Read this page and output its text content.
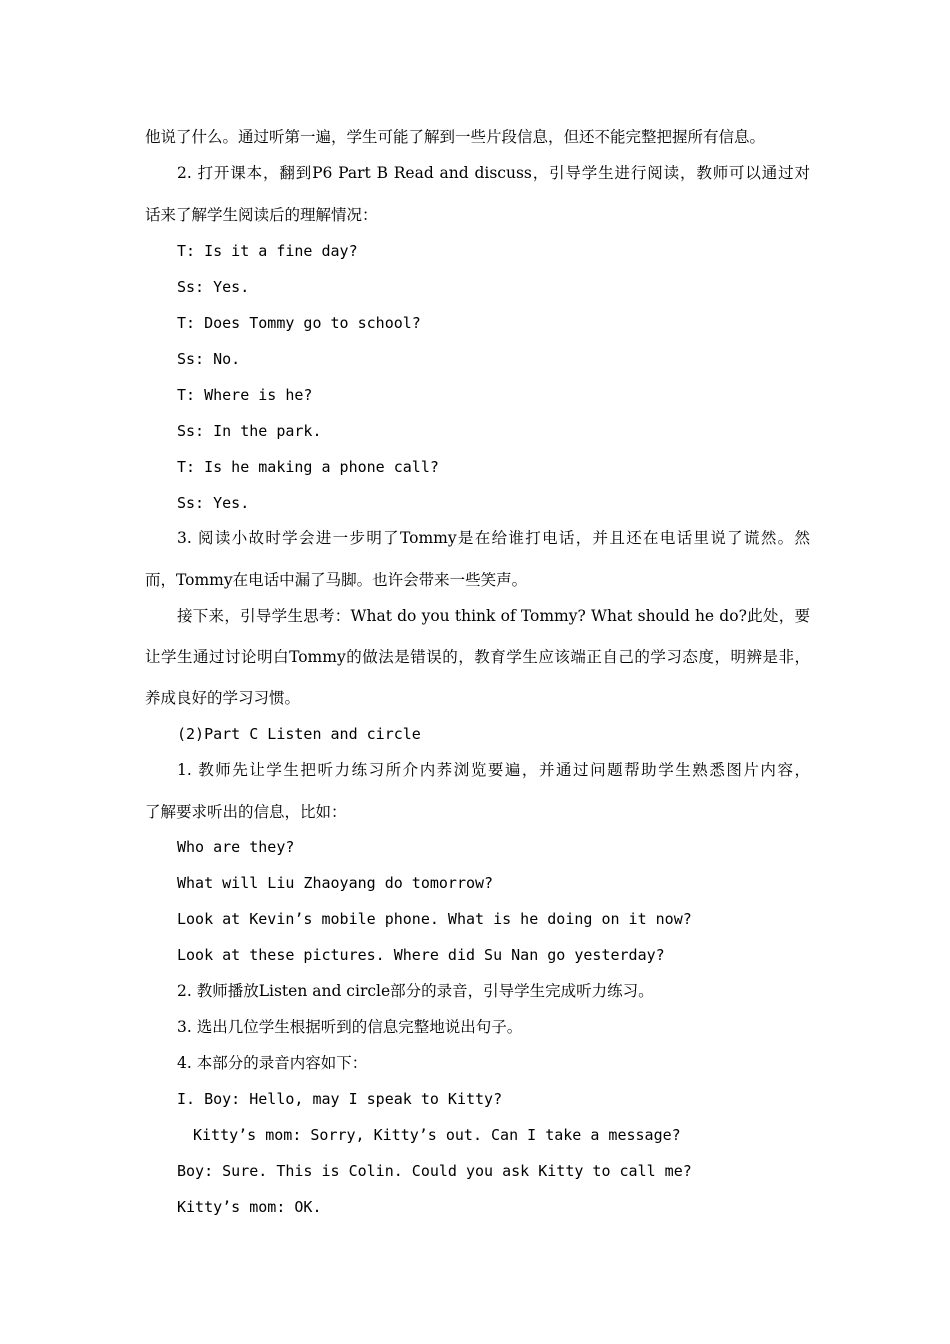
他说了什么。通过听第一遍，学生可能了解到一些片段信息，但还不能完整把握所有信息。
2. 打开课本，翻到P6 Part B Read and discuss，引导学生进行阅读，教师可以通过对
话来了解学生阅读后的理解情况：
T: Is it a fine day?
Ss: Yes.
T: Does Tommy go to school?
Ss: No.
T: Where is he?
Ss: In the park.
T: Is he making a phone call?
Ss: Yes.
3. 阅读小故时学会进一步明了Tommy是在给谁打电话，并且还在电话里说了谎然。然
而，Tommy在电话中漏了马脚。也许会带来一些笑声。
接下来，引导学生思考：What do you think of Tommy? What should he do?此处，要
让学生通过讨论明白Tommy的做法是错误的，教育学生应该端正自己的学习态度，明辨是非，
养成良好的学习习惯。
(2)Part C Listen and circle
1. 教师先让学生把听力练习所介内荞浏览要遍，并通过问题帮助学生熟悉图片内容，
了解要求听出的信息，比如：
Who are they?
What will Liu Zhaoyang do tomorrow?
Look at Kevin’s mobile phone. What is he doing on it now?
Look at these pictures. Where did Su Nan go yesterday?
2. 教师播放Listen and circle部分的录音，引导学生完成听力练习。
3. 选出几位学生根据听到的信息完整地说出句子。
4. 本部分的录音内容如下：
I. Boy: Hello, may I speak to Kitty?
Kitty’s mom: Sorry, Kitty’s out. Can I take a message?
Boy: Sure. This is Colin. Could you ask Kitty to call me?
Kitty’s mom: OK.
